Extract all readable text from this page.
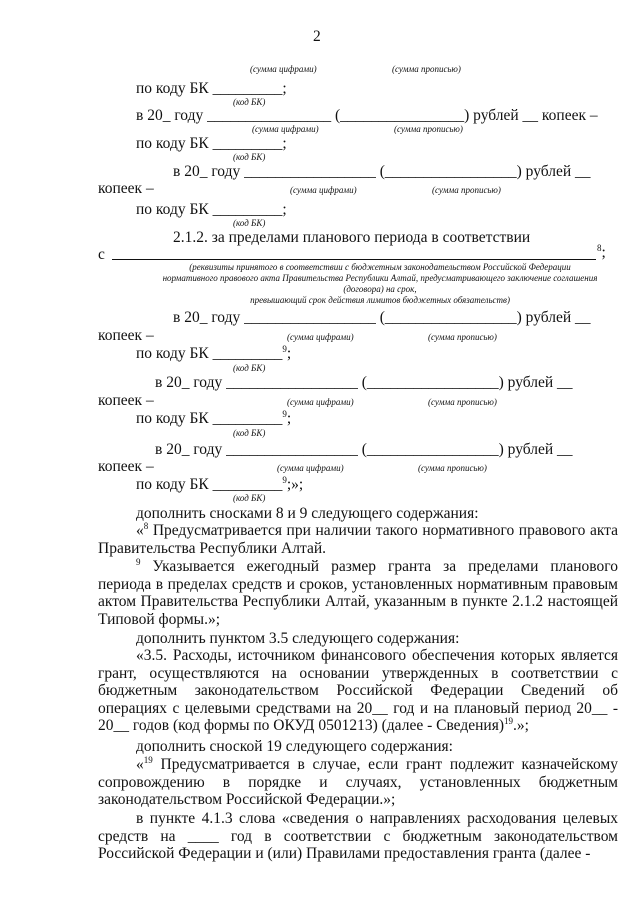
2
(сумма цифрами)	(сумма прописью)
по коду БК _________;
(код БК)
в 20_ году ________________ (________________) рублей __ копеек –
(сумма цифрами)	(сумма прописью)
по коду БК _________;
(код БК)
в 20_ году _________________ (_________________) рублей __
копеек –	(сумма цифрами)	(сумма прописью)
по коду БК _________;
(код БК)
2.1.2. за пределами планового периода в соответствии
с	$^8$;
(реквизиты принятого в соответствии с бюджетным законодательством Российской Федерации
нормативного правового акта Правительства Республики Алтай, предусматривающего заключение соглашения (договора) на срок,
превышающий срок действия лимитов бюджетных обязательств)
в 20_ году _________________ (_________________) рублей __
копеек –	(сумма цифрами)	(сумма прописью)
по коду БК _________$^9$;
(код БК)
в 20_ году _________________ (_________________) рублей __
копеек –	(сумма цифрами)	(сумма прописью)
по коду БК _________$^9$;
(код БК)
в 20_ году _________________ (_________________) рублей __
копеек –	(сумма цифрами)	(сумма прописью)
по коду БК _________$^9$;»;
(код БК)
дополнить сносками 8 и 9 следующего содержания:
«$^8$ Предусматривается при наличии такого нормативного правового акта Правительства Республики Алтай.
$^9$ Указывается ежегодный размер гранта за пределами планового периода в пределах средств и сроков, установленных нормативным правовым актом Правительства Республики Алтай, указанным в пункте 2.1.2 настоящей Типовой формы.»;
дополнить пунктом 3.5 следующего содержания:
«3.5. Расходы, источником финансового обеспечения которых является грант, осуществляются на основании утвержденных в соответствии с бюджетным законодательством Российской Федерации Сведений об операциях с целевыми средствами на 20__ год и на плановый период 20__ - 20__ годов (код формы по ОКУД 0501213) (далее - Сведения)$^{19}$.»;
дополнить сноской 19 следующего содержания:
«$^{19}$ Предусматривается в случае, если грант подлежит казначейскому сопровождению в порядке и случаях, установленных бюджетным законодательством Российской Федерации.»;
в пункте 4.1.3 слова «сведения о направлениях расходования целевых средств на ____ год в соответствии с бюджетным законодательством Российской Федерации и (или) Правилами предоставления гранта (далее -
